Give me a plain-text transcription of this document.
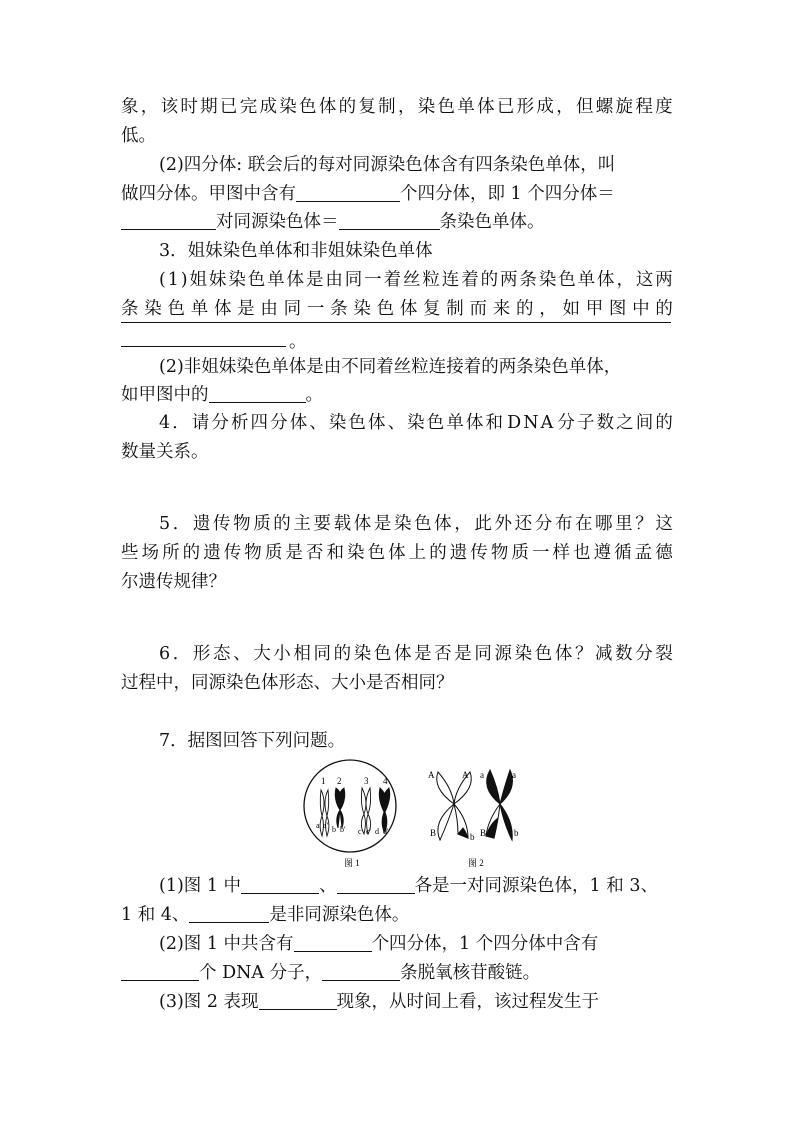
象 ， 该 时 期 已 完 成 染 色 体 的 复 制 ， 染 色 单 体 已 形 成 ， 但 螺 旋 程 度
低。
(2)四分体: 联会后的每对同源染色体含有四条染色单体，叫
做四分体。甲图中含有	个四分体，即 1 个四分体＝
对同源染色体＝	条染色单体。
3．姐妹染色单体和非姐妹染色单体
( 1 ) 姐 妹 染 色 单 体 是 由 同 一 着 丝 粒 连 着 的 两 条 染 色 单 体 ， 这 两
条 染 色 单 体 是 由 同 一 条 染 色 体 复 制 而 来 的 ， 如 甲 图 中 的
。
(2)非姐妹染色单体是由不同着丝粒连接着的两条染色单体，
如甲图中的	。
4 ． 请 分 析 四 分 体 、 染 色 体 、 染 色 单 体 和 D N A 分 子 数 之 间 的
数量关系。
5 ． 遗 传 物 质 的 主 要 载 体 是 染 色 体 ， 此 外 还 分 布 在 哪 里 ？ 这
些 场 所 的 遗 传 物 质 是 否 和 染 色 体 上 的 遗 传 物 质 一 样 也 遵 循 孟 德
尔遗传规律？
6 ． 形 态 、 大 小 相 同 的 染 色 体 是 否 是 同 源 染 色 体 ？ 减 数 分 裂
过程中，同源染色体形态、大小是否相同？
7．据图回答下列问题。
1 2	3 4
a a' b b' c c' d d'
图 1
A	A a	a
B	b B	b
图 2
(1)图 1 中	、	各是一对同源染色体，1 和 3、
1 和 4、	是非同源染色体。
(2)图 1 中共含有	个四分体，1 个四分体中含有
个 DNA 分子，	条脱氧核苷酸链。
(3)图 2 表现	现象，从时间上看，该过程发生于
